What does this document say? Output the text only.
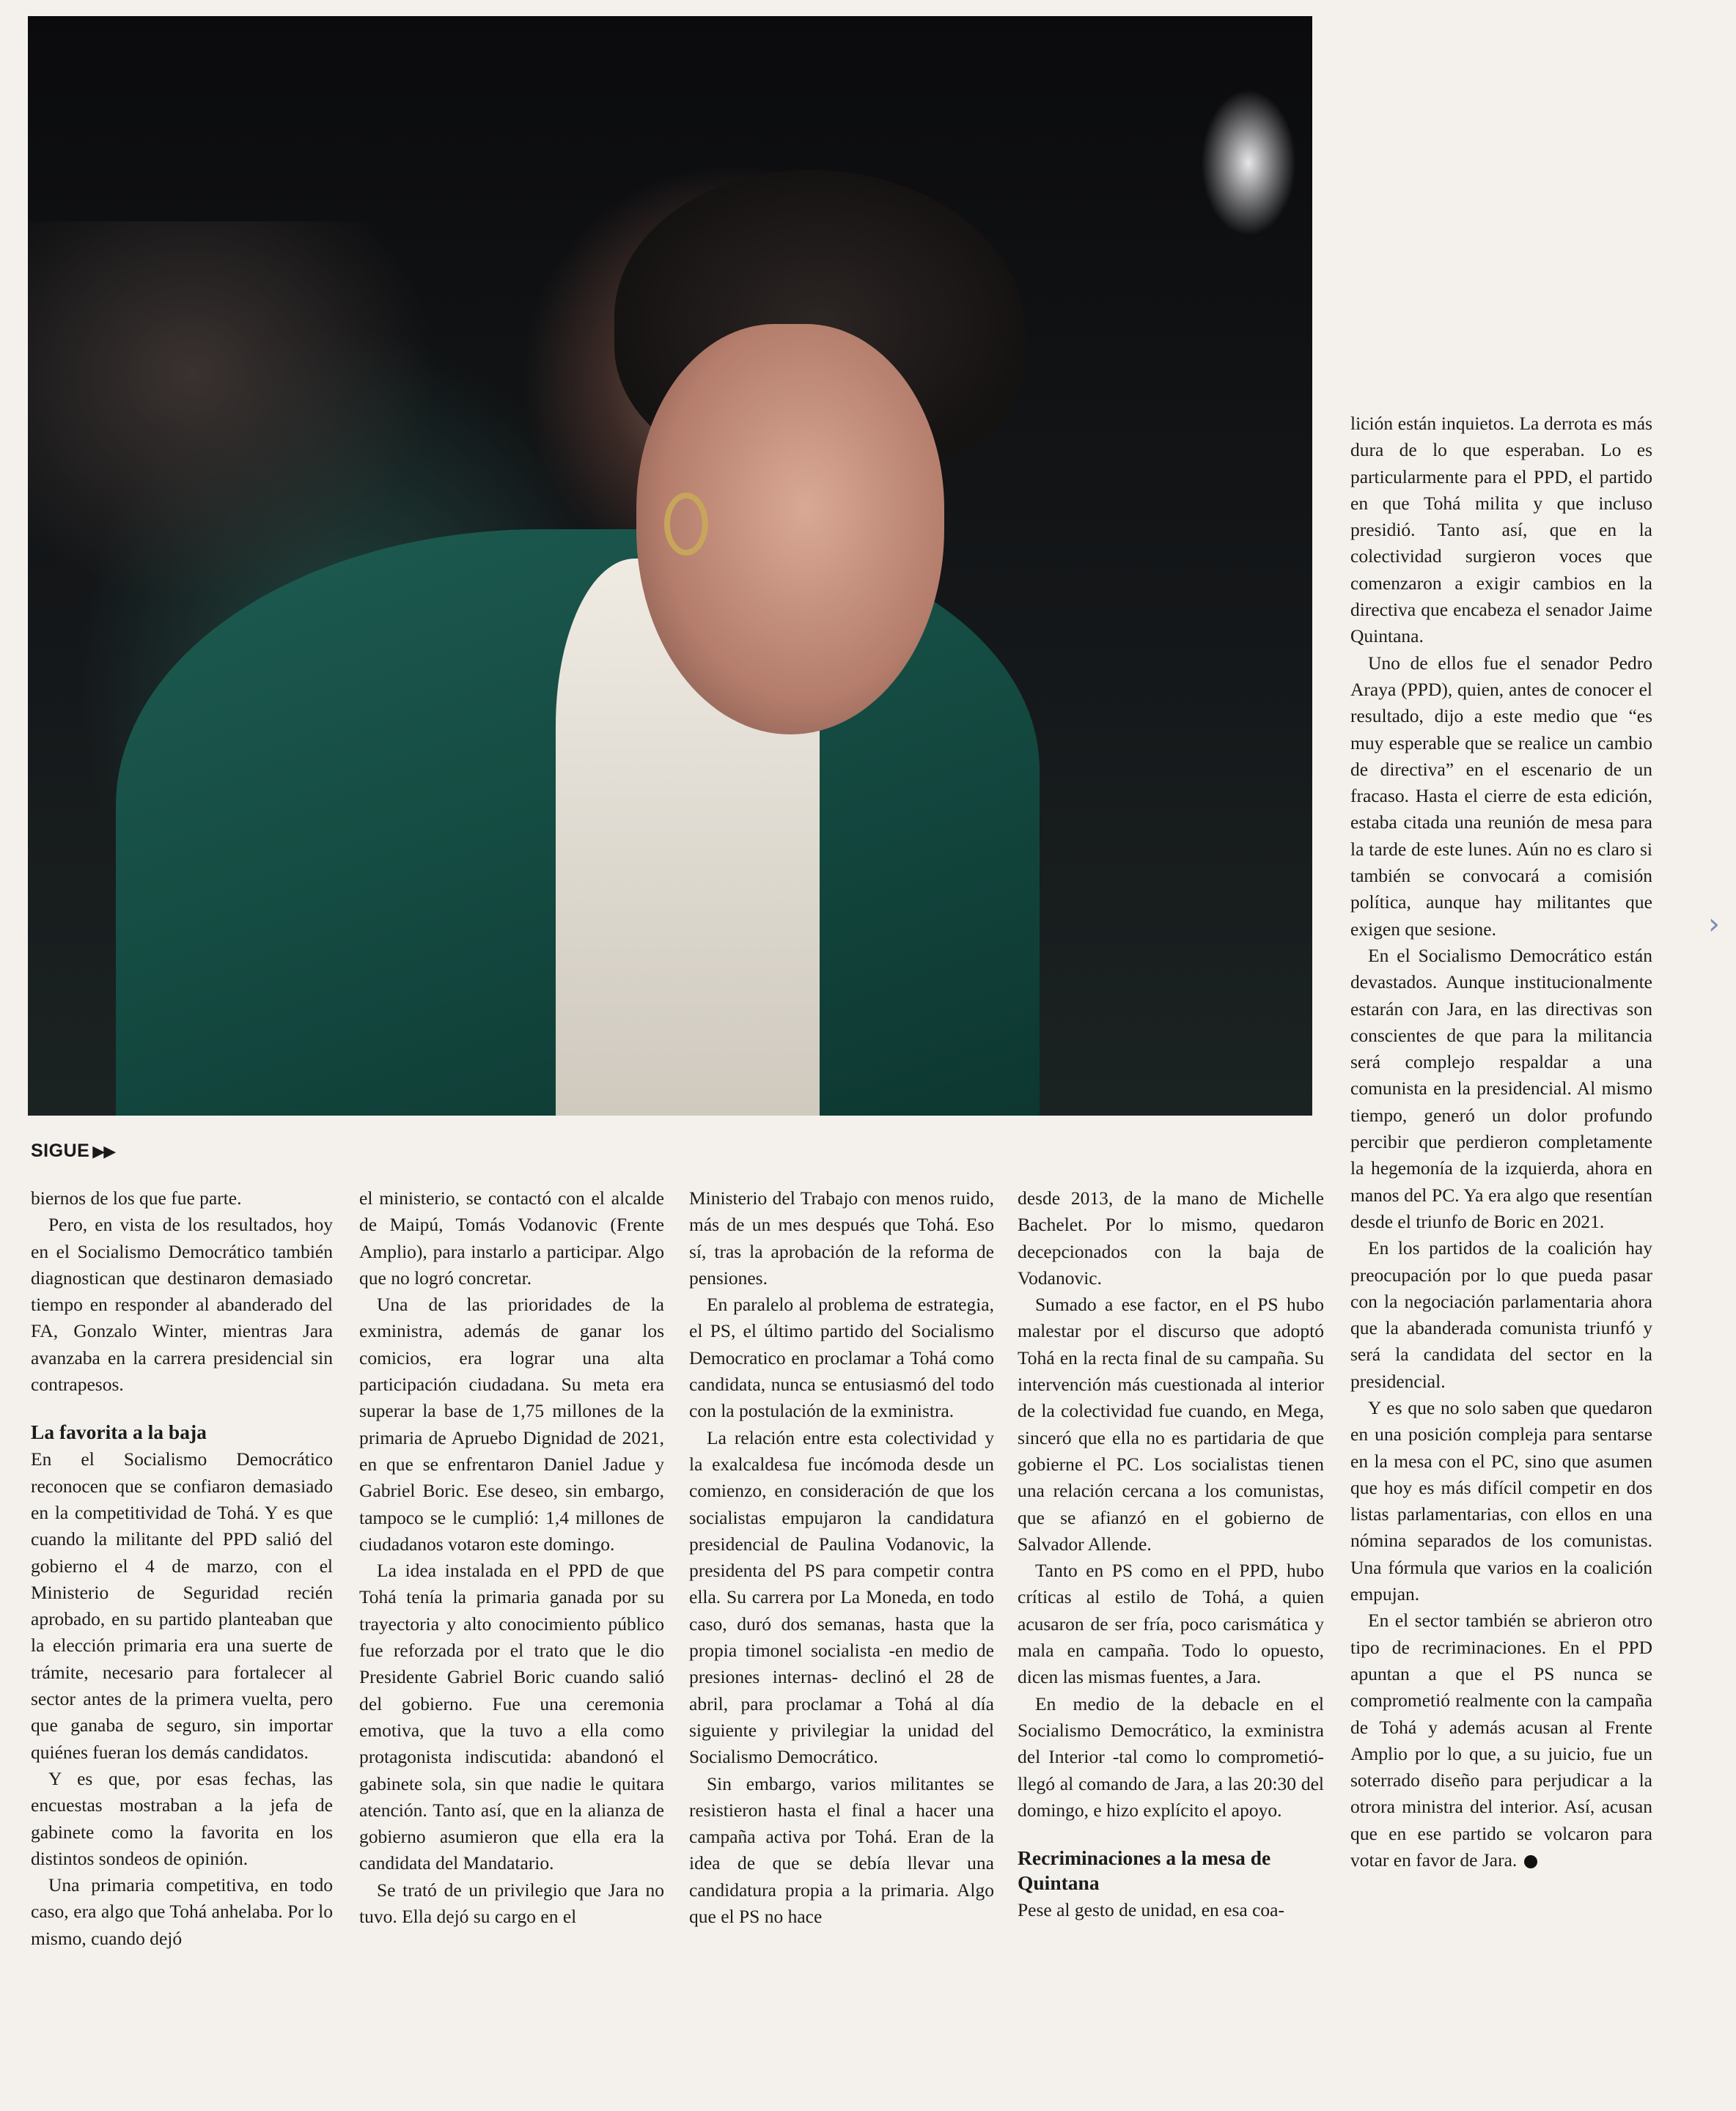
SIGUE ▶▶

biernos de los que fue parte.

Pero, en vista de los resultados, hoy en el Socialismo Democrático también diagnostican que destinaron demasiado tiempo en responder al abanderado del FA, Gonzalo Winter, mientras Jara avanzaba en la carrera presidencial sin contrapesos.

La favorita a la baja

En el Socialismo Democrático reconocen que se confiaron demasiado en la competitividad de Tohá. Y es que cuando la militante del PPD salió del gobierno el 4 de marzo, con el Ministerio de Seguridad recién aprobado, en su partido planteaban que la elección primaria era una suerte de trámite, necesario para fortalecer al sector antes de la primera vuelta, pero que ganaba de seguro, sin importar quiénes fueran los demás candidatos.

Y es que, por esas fechas, las encuestas mostraban a la jefa de gabinete como la favorita en los distintos sondeos de opinión.

Una primaria competitiva, en todo caso, era algo que Tohá anhelaba. Por lo mismo, cuando dejó

el ministerio, se contactó con el alcalde de Maipú, Tomás Vodanovic (Frente Amplio), para instarlo a participar. Algo que no logró concretar.

Una de las prioridades de la exministra, además de ganar los comicios, era lograr una alta participación ciudadana. Su meta era superar la base de 1,75 millones de la primaria de Apruebo Dignidad de 2021, en que se enfrentaron Daniel Jadue y Gabriel Boric. Ese deseo, sin embargo, tampoco se le cumplió: 1,4 millones de ciudadanos votaron este domingo.

La idea instalada en el PPD de que Tohá tenía la primaria ganada por su trayectoria y alto conocimiento público fue reforzada por el trato que le dio Presidente Gabriel Boric cuando salió del gobierno. Fue una ceremonia emotiva, que la tuvo a ella como protagonista indiscutida: abandonó el gabinete sola, sin que nadie le quitara atención. Tanto así, que en la alianza de gobierno asumieron que ella era la candidata del Mandatario.

Se trató de un privilegio que Jara no tuvo. Ella dejó su cargo en el

Ministerio del Trabajo con menos ruido, más de un mes después que Tohá. Eso sí, tras la aprobación de la reforma de pensiones.

En paralelo al problema de estrategia, el PS, el último partido del Socialismo Democratico en proclamar a Tohá como candidata, nunca se entusiasmó del todo con la postulación de la exministra.

La relación entre esta colectividad y la exalcaldesa fue incómoda desde un comienzo, en consideración de que los socialistas empujaron la candidatura presidencial de Paulina Vodanovic, la presidenta del PS para competir contra ella. Su carrera por La Moneda, en todo caso, duró dos semanas, hasta que la propia timonel socialista -en medio de presiones internas- declinó el 28 de abril, para proclamar a Tohá al día siguiente y privilegiar la unidad del Socialismo Democrático.

Sin embargo, varios militantes se resistieron hasta el final a hacer una campaña activa por Tohá. Eran de la idea de que se debía llevar una candidatura propia a la primaria. Algo que el PS no hace

desde 2013, de la mano de Michelle Bachelet. Por lo mismo, quedaron decepcionados con la baja de Vodanovic.

Sumado a ese factor, en el PS hubo malestar por el discurso que adoptó Tohá en la recta final de su campaña. Su intervención más cuestionada al interior de la colectividad fue cuando, en Mega, sinceró que ella no es partidaria de que gobierne el PC. Los socialistas tienen una relación cercana a los comunistas, que se afianzó en el gobierno de Salvador Allende.

Tanto en PS como en el PPD, hubo críticas al estilo de Tohá, a quien acusaron de ser fría, poco carismática y mala en campaña. Todo lo opuesto, dicen las mismas fuentes, a Jara.

En medio de la debacle en el Socialismo Democrático, la exministra del Interior -tal como lo comprometió- llegó al comando de Jara, a las 20:30 del domingo, e hizo explícito el apoyo.

Recriminaciones a la mesa de Quintana

Pese al gesto de unidad, en esa coa-

lición están inquietos. La derrota es más dura de lo que esperaban. Lo es particularmente para el PPD, el partido en que Tohá milita y que incluso presidió. Tanto así, que en la colectividad surgieron voces que comenzaron a exigir cambios en la directiva que encabeza el senador Jaime Quintana.

Uno de ellos fue el senador Pedro Araya (PPD), quien, antes de conocer el resultado, dijo a este medio que “es muy esperable que se realice un cambio de directiva” en el escenario de un fracaso. Hasta el cierre de esta edición, estaba citada una reunión de mesa para la tarde de este lunes. Aún no es claro si también se convocará a comisión política, aunque hay militantes que exigen que sesione.

En el Socialismo Democrático están devastados. Aunque institucionalmente estarán con Jara, en las directivas son conscientes de que para la militancia será complejo respaldar a una comunista en la presidencial. Al mismo tiempo, generó un dolor profundo percibir que perdieron completamente la hegemonía de la izquierda, ahora en manos del PC. Ya era algo que resentían desde el triunfo de Boric en 2021.

En los partidos de la coalición hay preocupación por lo que pueda pasar con la negociación parlamentaria ahora que la abanderada comunista triunfó y será la candidata del sector en la presidencial.

Y es que no solo saben que quedaron en una posición compleja para sentarse en la mesa con el PC, sino que asumen que hoy es más difícil competir en dos listas parlamentarias, con ellos en una nómina separados de los comunistas. Una fórmula que varios en la coalición empujan.

En el sector también se abrieron otro tipo de recriminaciones. En el PPD apuntan a que el PS nunca se comprometió realmente con la campaña de Tohá y además acusan al Frente Amplio por lo que, a su juicio, fue un soterrado diseño para perjudicar a la otrora ministra del interior. Así, acusan que en ese partido se volcaron para votar en favor de Jara.

›
